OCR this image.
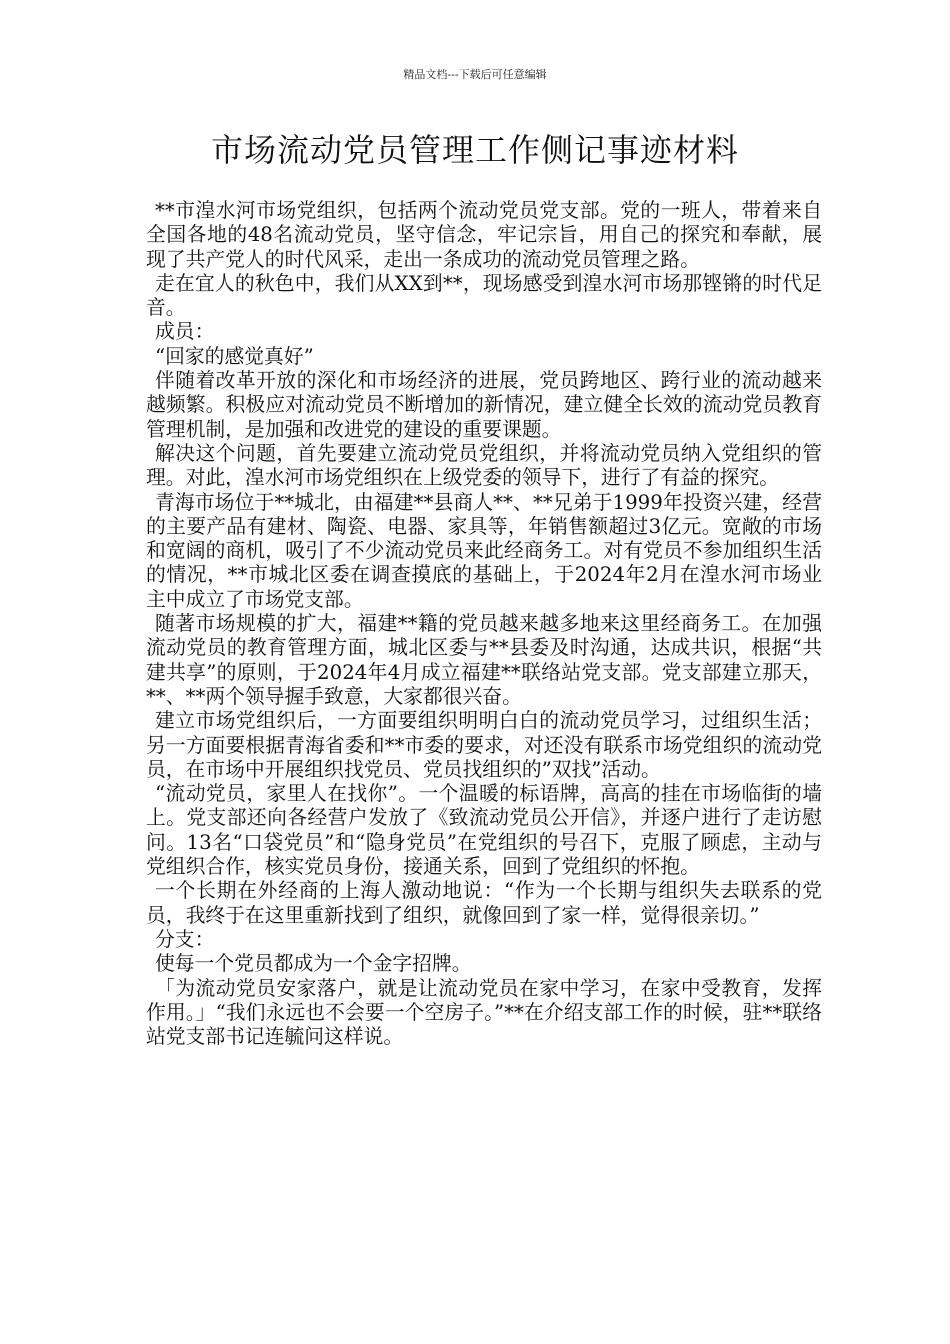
精品文档---下载后可任意编辑
市场流动党员管理工作侧记事迹材料

**市湟水河市场党组织，包括两个流动党员党支部。党的一班人，带着来自全国各地的48名流动党员，坚守信念，牢记宗旨，用自己的探究和奉献，展现了共产党人的时代风采，走出一条成功的流动党员管理之路。

走在宜人的秋色中，我们从XX到**，现场感受到湟水河市场那铿锵的时代足音。

成员：

“回家的感觉真好”

伴随着改革开放的深化和市场经济的进展，党员跨地区、跨行业的流动越来越频繁。积极应对流动党员不断增加的新情况，建立健全长效的流动党员教育管理机制，是加强和改进党的建设的重要课题。

解决这个问题，首先要建立流动党员党组织，并将流动党员纳入党组织的管理。对此，湟水河市场党组织在上级党委的领导下，进行了有益的探究。

青海市场位于**城北，由福建**县商人**、**兄弟于1999年投资兴建，经营的主要产品有建材、陶瓷、电器、家具等，年销售额超过3亿元。宽敞的市场和宽阔的商机，吸引了不少流动党员来此经商务工。对有党员不参加组织生活的情况，**市城北区委在调查摸底的基础上，于2024年2月在湟水河市场业主中成立了市场党支部。

随著市场规模的扩大，福建**籍的党员越来越多地来这里经商务工。在加强流动党员的教育管理方面，城北区委与**县委及时沟通，达成共识，根据“共建共享”的原则，于2024年4月成立福建**联络站党支部。党支部建立那天，**、**两个领导握手致意，大家都很兴奋。

建立市场党组织后，一方面要组织明明白白的流动党员学习，过组织生活；另一方面要根据青海省委和**市委的要求，对还没有联系市场党组织的流动党员，在市场中开展组织找党员、党员找组织的”双找”活动。

“流动党员，家里人在找你”。一个温暖的标语牌，高高的挂在市场临街的墙上。党支部还向各经营户发放了《致流动党员公开信》，并逐户进行了走访慰问。13名“口袋党员”和“隐身党员”在党组织的号召下，克服了顾虑，主动与党组织合作，核实党员身份，接通关系，回到了党组织的怀抱。

一个长期在外经商的上海人激动地说：“作为一个长期与组织失去联系的党员，我终于在这里重新找到了组织，就像回到了家一样，觉得很亲切。”

分支：

使每一个党员都成为一个金字招牌。

「为流动党员安家落户，就是让流动党员在家中学习，在家中受教育，发挥作用。」“我们永远也不会要一个空房子。”**在介绍支部工作的时候，驻**联络站党支部书记连毓问这样说。
